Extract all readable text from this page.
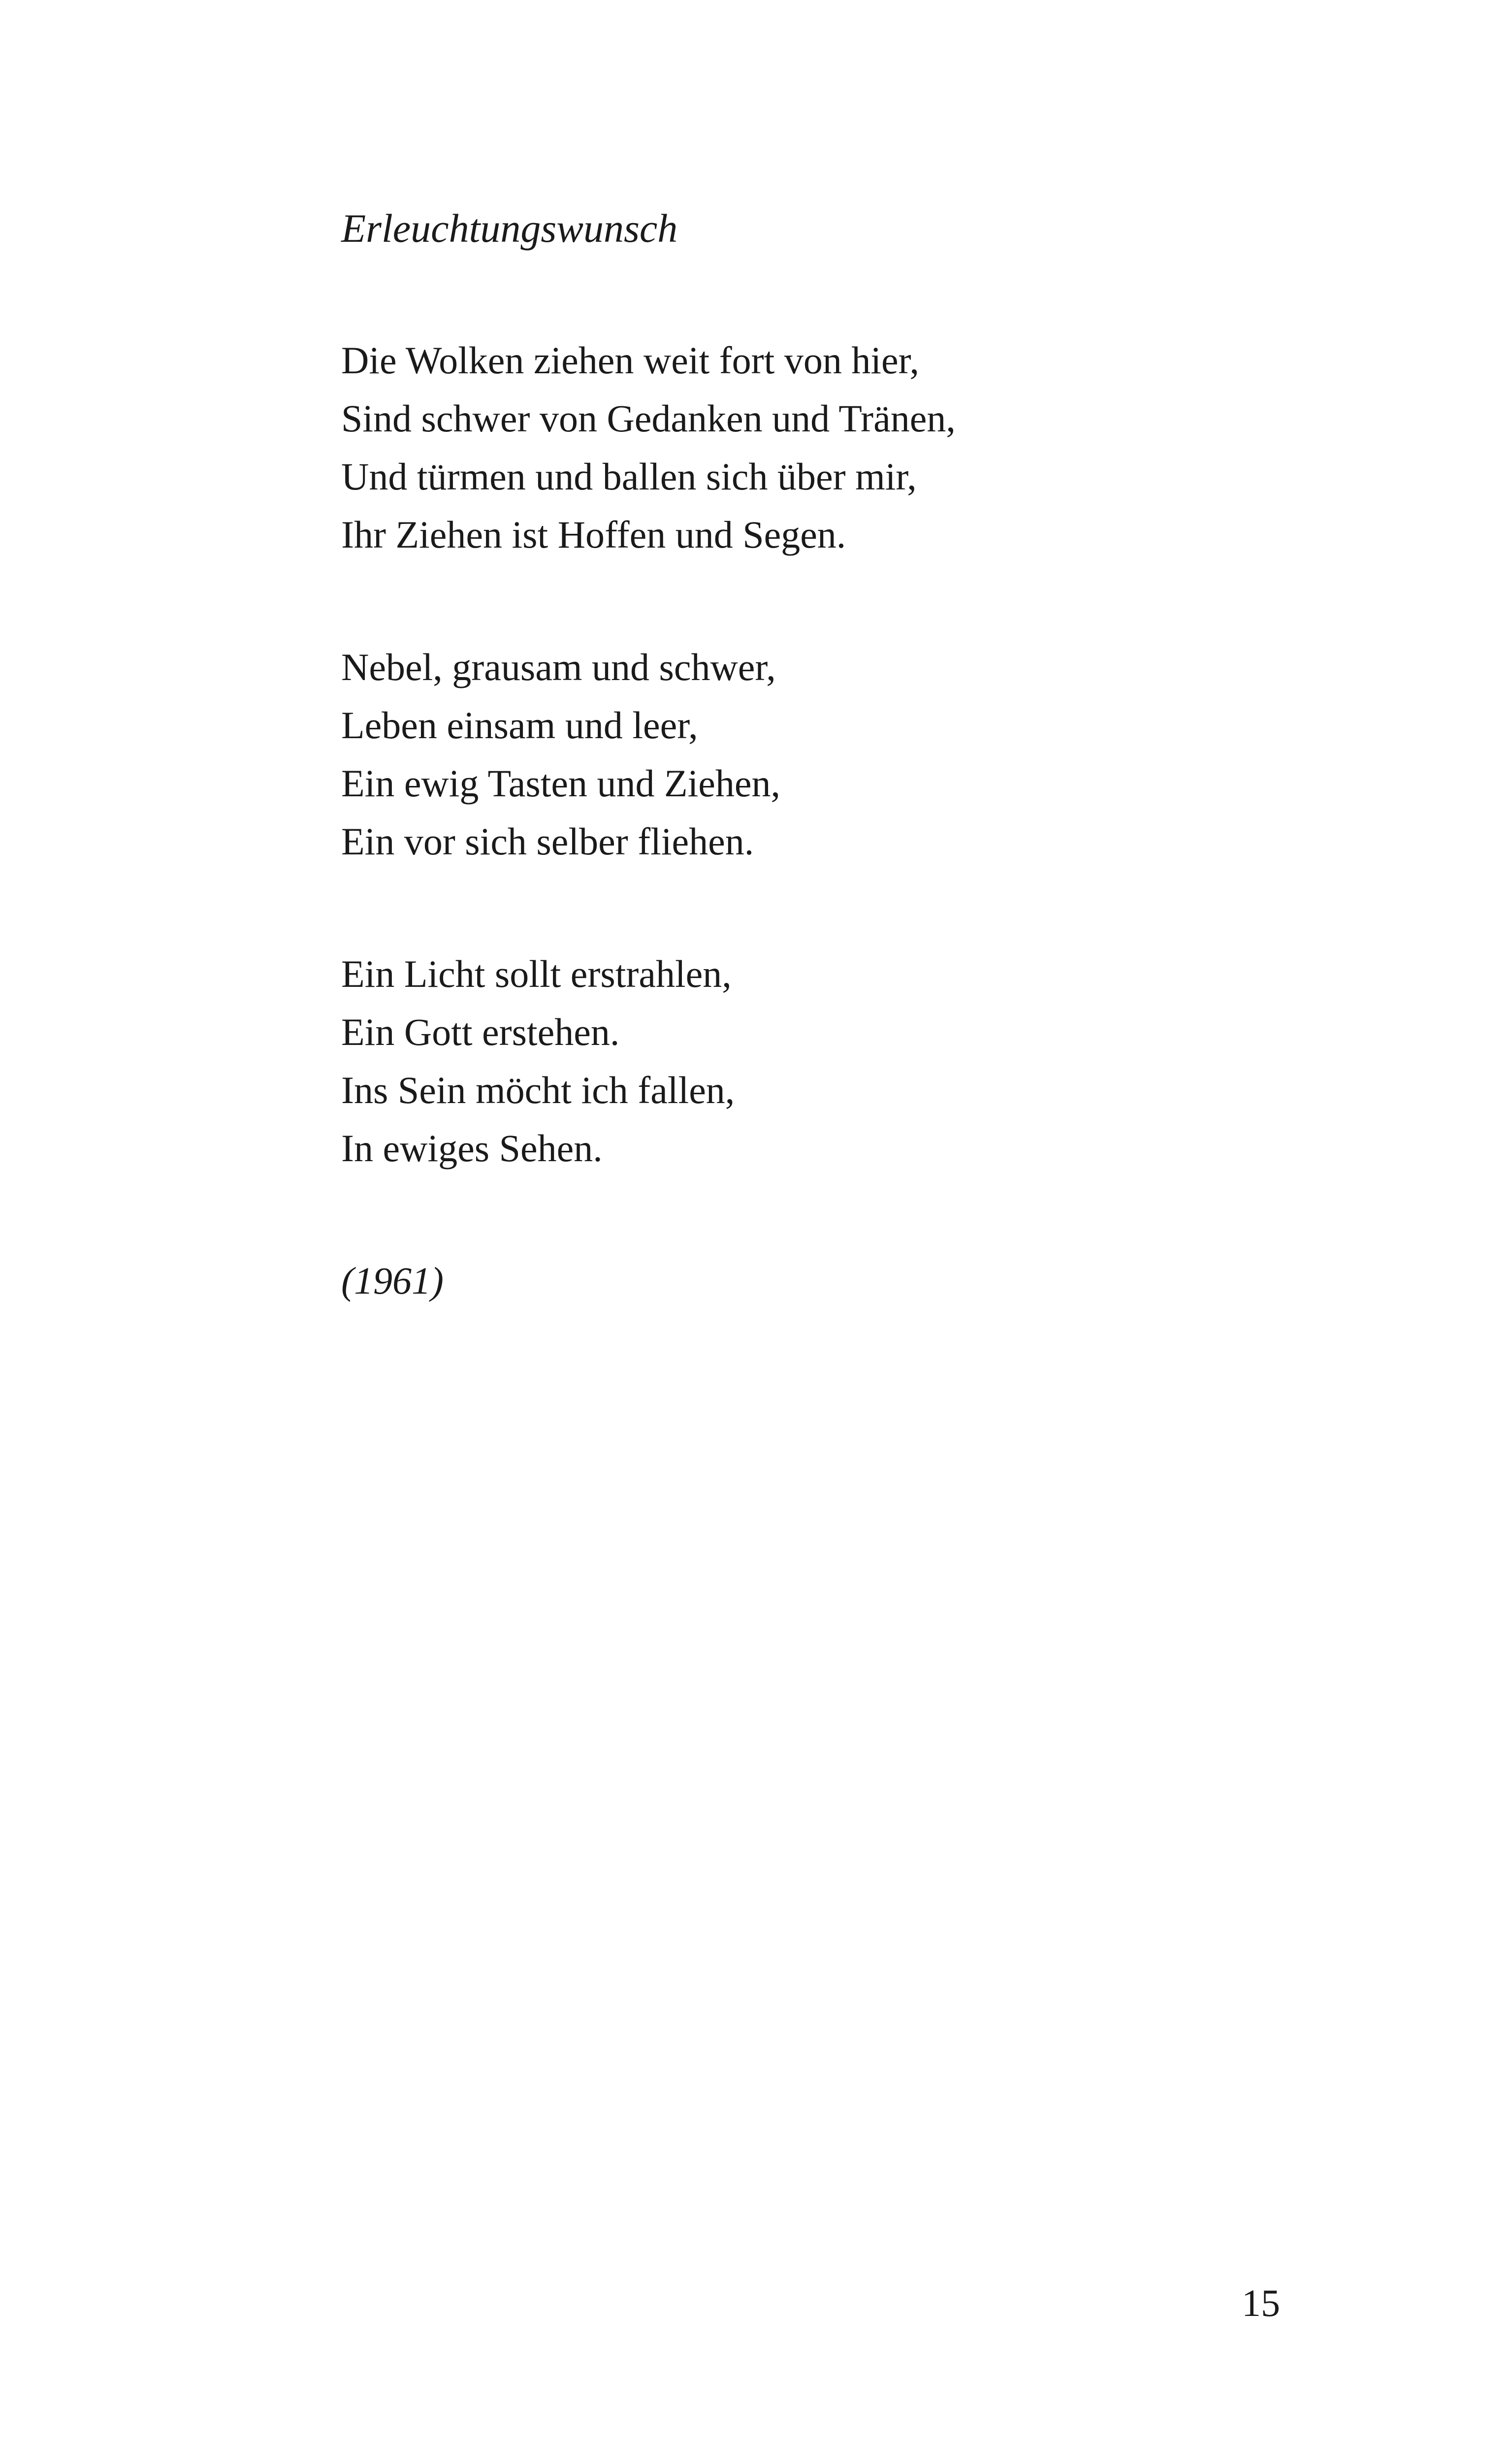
Erleuchtungswunsch
Die Wolken ziehen weit fort von hier,
Sind schwer von Gedanken und Tränen,
Und türmen und ballen sich über mir,
Ihr Ziehen ist Hoffen und Segen.
Nebel, grausam und schwer,
Leben einsam und leer,
Ein ewig Tasten und Ziehen,
Ein vor sich selber fliehen.
Ein Licht sollt erstrahlen,
Ein Gott erstehen.
Ins Sein möcht ich fallen,
In ewiges Sehen.
(1961)
15
